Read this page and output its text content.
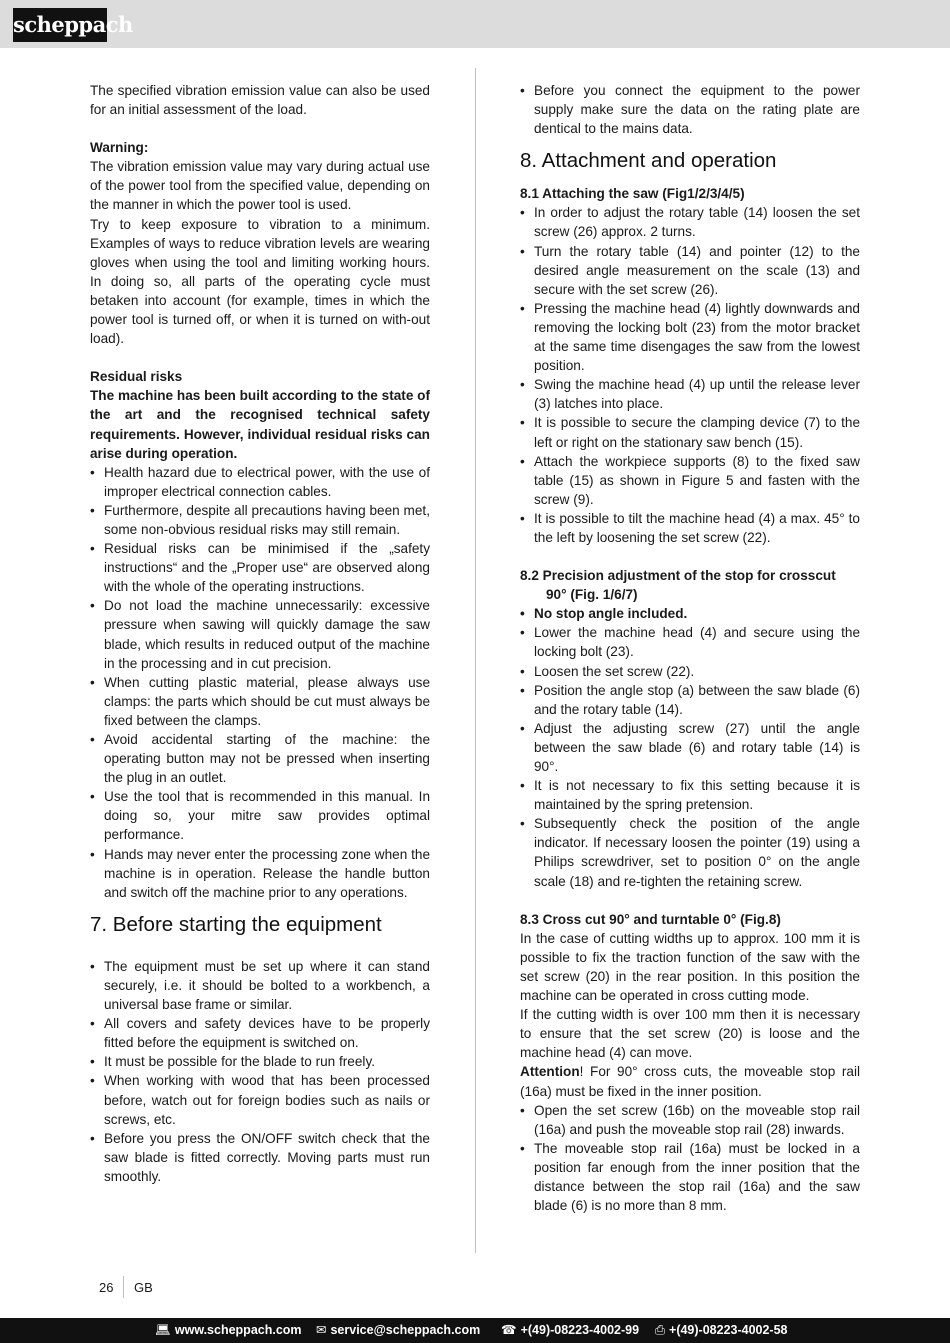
scheppach

The specified vibration emission value can also be used for an initial assessment of the load.

Warning:

The vibration emission value may vary during actual use of the power tool from the specified value, depending on the manner in which the power tool is used.

Try to keep exposure to vibration to a minimum. Examples of ways to reduce vibration levels are wearing gloves when using the tool and limiting working hours. In doing so, all parts of the operating cycle must betaken into account (for example, times in which the power tool is turned off, or when it is turned on with-out load).

Residual risks

The machine has been built according to the state of the art and the recognised technical safety requirements. However, individual residual risks can arise during operation.

• Health hazard due to electrical power, with the use of improper electrical connection cables.
• Furthermore, despite all precautions having been met, some non-obvious residual risks may still remain.
• Residual risks can be minimised if the „safety instructions“ and the „Proper use“ are observed along with the whole of the operating instructions.
• Do not load the machine unnecessarily: excessive pressure when sawing will quickly damage the saw blade, which results in reduced output of the machine in the processing and in cut precision.
• When cutting plastic material, please always use clamps: the parts which should be cut must always be fixed between the clamps.
• Avoid accidental starting of the machine: the operating button may not be pressed when inserting the plug in an outlet.
• Use the tool that is recommended in this manual. In doing so, your mitre saw provides optimal performance.
• Hands may never enter the processing zone when the machine is in operation. Release the handle button and switch off the machine prior to any operations.
7. Before starting the equipment
• The equipment must be set up where it can stand securely, i.e. it should be bolted to a workbench, a universal base frame or similar.
• All covers and safety devices have to be properly fitted before the equipment is switched on.
• It must be possible for the blade to run freely.
• When working with wood that has been processed before, watch out for foreign bodies such as nails or screws, etc.
• Before you press the ON/OFF switch check that the saw blade is fitted correctly. Moving parts must run smoothly.
• Before you connect the equipment to the power supply make sure the data on the rating plate are dentical to the mains data.
8. Attachment and operation

8.1 Attaching the saw (Fig1/2/3/4/5)

• In order to adjust the rotary table (14) loosen the set screw (26) approx. 2 turns.
• Turn the rotary table (14) and pointer (12) to the desired angle measurement on the scale (13) and secure with the set screw (26).
• Pressing the machine head (4) lightly downwards and removing the locking bolt (23) from the motor bracket at the same time disengages the saw from the lowest position.
• Swing the machine head (4) up until the release lever (3) latches into place.
• It is possible to secure the clamping device (7) to the left or right on the stationary saw bench (15).
• Attach the workpiece supports (8) to the fixed saw table (15) as shown in Figure 5 and fasten with the screw (9).
• It is possible to tilt the machine head (4) a max. 45° to the left by loosening the set screw (22).

8.2 Precision adjustment of the stop for crosscut

90° (Fig. 1/6/7)

• No stop angle included.
• Lower the machine head (4) and secure using the locking bolt (23).
• Loosen the set screw (22).
• Position the angle stop (a) between the saw blade (6) and the rotary table (14).
• Adjust the adjusting screw (27) until the angle between the saw blade (6) and rotary table (14) is 90°.
• It is not necessary to fix this setting because it is maintained by the spring pretension.
• Subsequently check the position of the angle indicator. If necessary loosen the pointer (19) using a Philips screwdriver, set to position 0° on the angle scale (18) and re-tighten the retaining screw.

8.3 Cross cut 90° and turntable 0° (Fig.8)

In the case of cutting widths up to approx. 100 mm it is possible to fix the traction function of the saw with the set screw (20) in the rear position. In this position the machine can be operated in cross cutting mode.

If the cutting width is over 100 mm then it is necessary to ensure that the set screw (20) is loose and the machine head (4) can move.

Attention! For 90° cross cuts, the moveable stop rail (16a) must be fixed in the inner position.

• Open the set screw (16b) on the moveable stop rail (16a) and push the moveable stop rail (28) inwards.
• The moveable stop rail (16a) must be locked in a position far enough from the inner position that the distance between the stop rail (16a) and the saw blade (6) is no more than 8 mm.
26 GB
💻︎ www.scheppach.com ✉︎ service@scheppach.com ☎︎ +(49)-08223-4002-99 ⎙ +(49)-08223-4002-58
